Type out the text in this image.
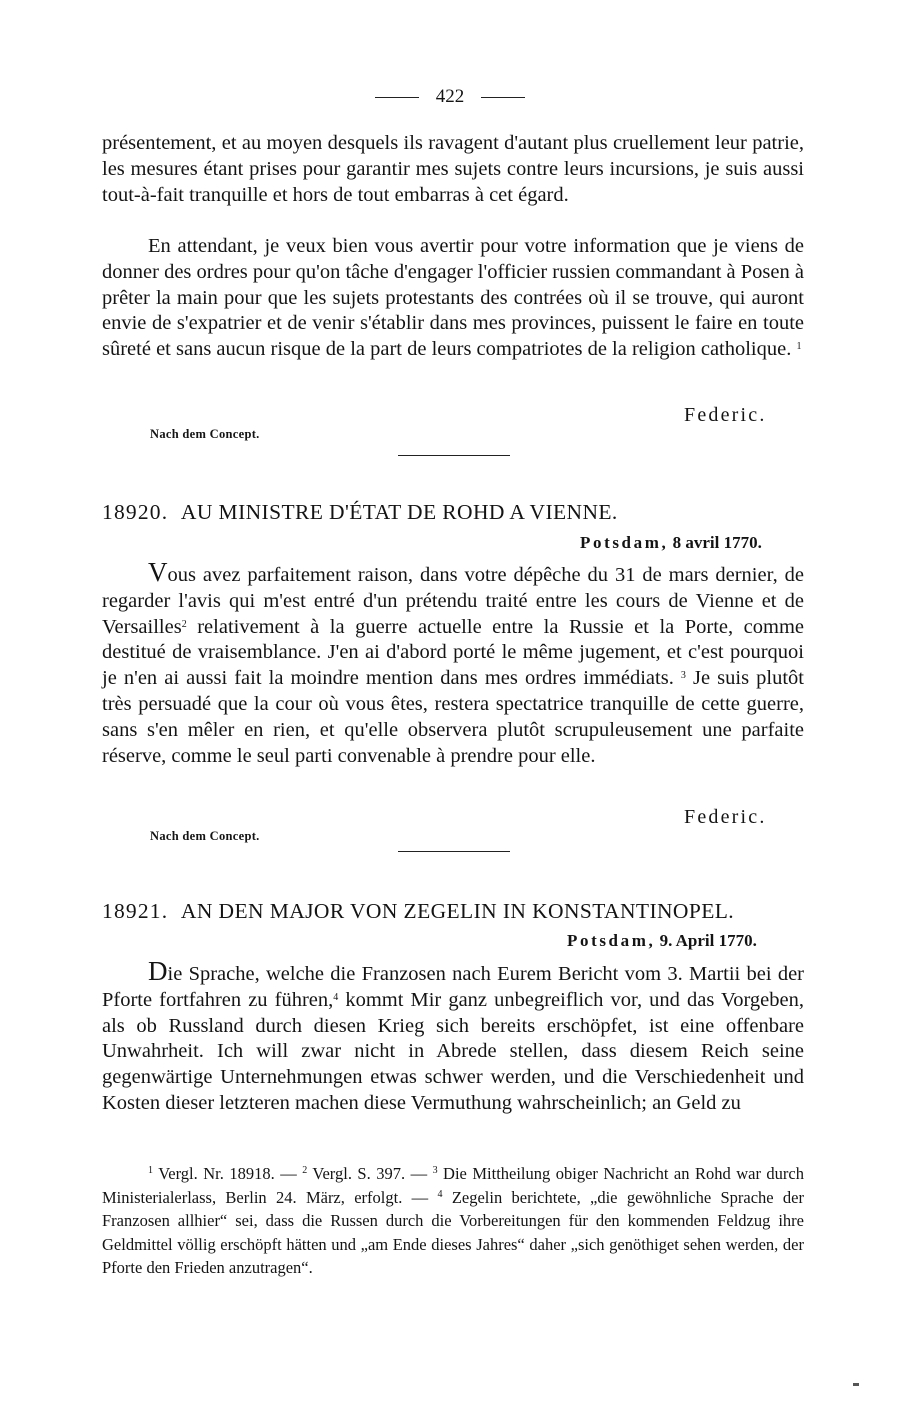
422

présentement, et au moyen desquels ils ravagent d'autant plus cruellement leur patrie, les mesures étant prises pour garantir mes sujets contre leurs incursions, je suis aussi tout-à-fait tranquille et hors de tout embarras à cet égard.

En attendant, je veux bien vous avertir pour votre information que je viens de donner des ordres pour qu'on tâche d'engager l'officier russien commandant à Posen à prêter la main pour que les sujets protestants des contrées où il se trouve, qui auront envie de s'expatrier et de venir s'établir dans mes provinces, puissent le faire en toute sûreté et sans aucun risque de la part de leurs compatriotes de la religion catholique. $^1$

Federic.
Nach dem Concept.
18920. AU MINISTRE D'ÉTAT DE ROHD A VIENNE.
Potsdam, 8 avril 1770.

Vous avez parfaitement raison, dans votre dépêche du 31 de mars dernier, de regarder l'avis qui m'est entré d'un prétendu traité entre les cours de Vienne et de Versailles$^2$ relativement à la guerre actuelle entre la Russie et la Porte, comme destitué de vraisemblance. J'en ai d'abord porté le même jugement, et c'est pourquoi je n'en ai aussi fait la moindre mention dans mes ordres immédiats. $^3$ Je suis plutôt très persuadé que la cour où vous êtes, restera spectatrice tranquille de cette guerre, sans s'en mêler en rien, et qu'elle observera plutôt scrupuleusement une parfaite réserve, comme le seul parti convenable à prendre pour elle.

Federic.
Nach dem Concept.
18921. AN DEN MAJOR VON ZEGELIN IN KONSTANTINOPEL.
Potsdam, 9. April 1770.

Die Sprache, welche die Franzosen nach Eurem Bericht vom 3. Martii bei der Pforte fortfahren zu führen,$^4$ kommt Mir ganz unbegreiflich vor, und das Vorgeben, als ob Russland durch diesen Krieg sich bereits erschöpfet, ist eine offenbare Unwahrheit. Ich will zwar nicht in Abrede stellen, dass diesem Reich seine gegenwärtige Unternehmungen etwas schwer werden, und die Verschiedenheit und Kosten dieser letzteren machen diese Vermuthung wahrscheinlich; an Geld zu

$^1$ Vergl. Nr. 18918. — $^2$ Vergl. S. 397. — $^3$ Die Mittheilung obiger Nachricht an Rohd war durch Ministerialerlass, Berlin 24. März, erfolgt. — $^4$ Zegelin berichtete, „die gewöhnliche Sprache der Franzosen allhier“ sei, dass die Russen durch die Vorbereitungen für den kommenden Feldzug ihre Geldmittel völlig erschöpft hätten und „am Ende dieses Jahres“ daher „sich genöthiget sehen werden, der Pforte den Frieden anzutragen“.
